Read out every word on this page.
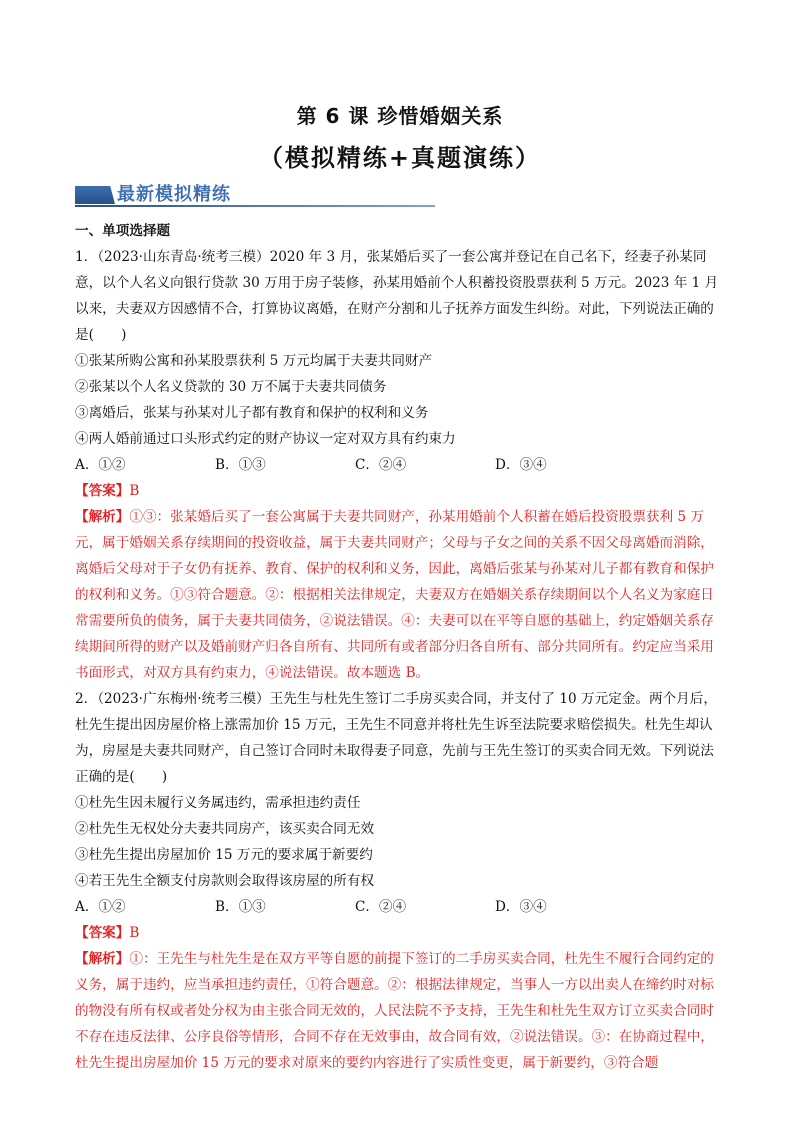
第 6 课 珍惜婚姻关系
（模拟精练+真题演练）
最新模拟精练

一、单项选择题

1．（2023·山东青岛·统考三模）2020 年 3 月，张某婚后买了一套公寓并登记在自己名下，经妻子孙某同意，以个人名义向银行贷款 30 万用于房子装修，孙某用婚前个人积蓄投资股票获利 5 万元。2023 年 1 月以来，夫妻双方因感情不合，打算协议离婚，在财产分割和儿子抚养方面发生纠纷。对此，下列说法正确的是(　　)

①张某所购公寓和孙某股票获利 5 万元均属于夫妻共同财产

②张某以个人名义贷款的 30 万不属于夫妻共同债务

③离婚后，张某与孙某对儿子都有教育和保护的权利和义务

④两人婚前通过口头形式约定的财产协议一定对双方具有约束力

A．①②	B．①③	C．②④	D．③④

【答案】B

【解析】①③：张某婚后买了一套公寓属于夫妻共同财产，孙某用婚前个人积蓄在婚后投资股票获利 5 万元，属于婚姻关系存续期间的投资收益，属于夫妻共同财产；父母与子女之间的关系不因父母离婚而消除，离婚后父母对于子女仍有抚养、教育、保护的权利和义务，因此，离婚后张某与孙某对儿子都有教育和保护的权利和义务。①③符合题意。②：根据相关法律规定，夫妻双方在婚姻关系存续期间以个人名义为家庭日常需要所负的债务，属于夫妻共同债务，②说法错误。④：夫妻可以在平等自愿的基础上，约定婚姻关系存续期间所得的财产以及婚前财产归各自所有、共同所有或者部分归各自所有、部分共同所有。约定应当采用书面形式，对双方具有约束力，④说法错误。故本题选 B。

2．（2023·广东梅州·统考三模）王先生与杜先生签订二手房买卖合同，并支付了 10 万元定金。两个月后，杜先生提出因房屋价格上涨需加价 15 万元，王先生不同意并将杜先生诉至法院要求赔偿损失。杜先生却认为，房屋是夫妻共同财产，自己签订合同时未取得妻子同意，先前与王先生签订的买卖合同无效。下列说法正确的是(　　)

①杜先生因未履行义务属违约，需承担违约责任

②杜先生无权处分夫妻共同房产，该买卖合同无效

③杜先生提出房屋加价 15 万元的要求属于新要约

④若王先生全额支付房款则会取得该房屋的所有权

A．①②	B．①③	C．②④	D．③④

【答案】B

【解析】①：王先生与杜先生是在双方平等自愿的前提下签订的二手房买卖合同，杜先生不履行合同约定的义务，属于违约，应当承担违约责任，①符合题意。②：根据法律规定，当事人一方以出卖人在缔约时对标的物没有所有权或者处分权为由主张合同无效的，人民法院不予支持，王先生和杜先生双方订立买卖合同时不存在违反法律、公序良俗等情形，合同不存在无效事由，故合同有效，②说法错误。③：在协商过程中，杜先生提出房屋加价 15 万元的要求对原来的要约内容进行了实质性变更，属于新要约，③符合题
